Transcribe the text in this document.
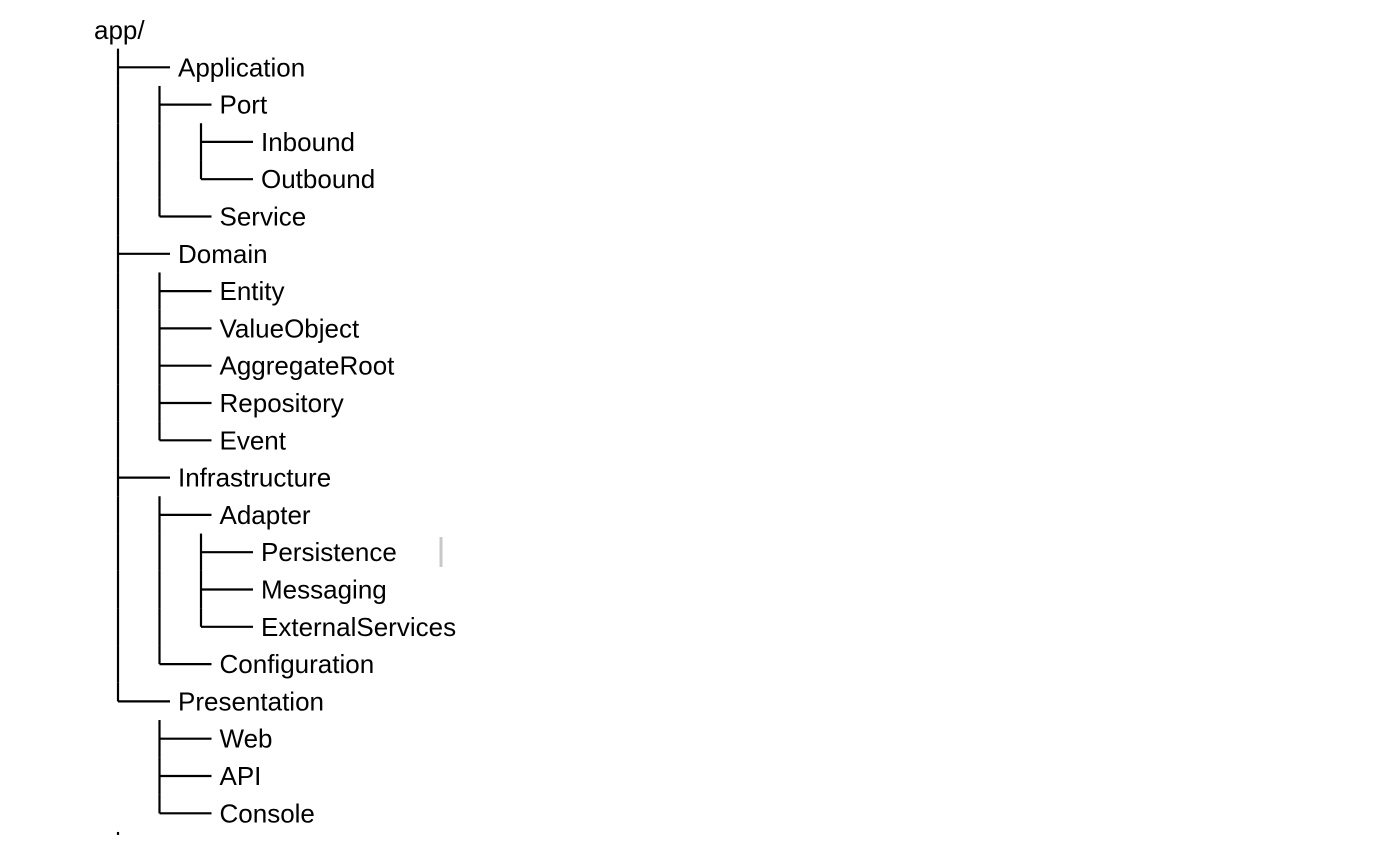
app/
Application
Port
Inbound
Outbound
Service
Domain
Entity
ValueObject
AggregateRoot
Repository
Event
Infrastructure
Adapter
Persistence
Messaging
ExternalServices
Configuration
Presentation
Web
API
Console
